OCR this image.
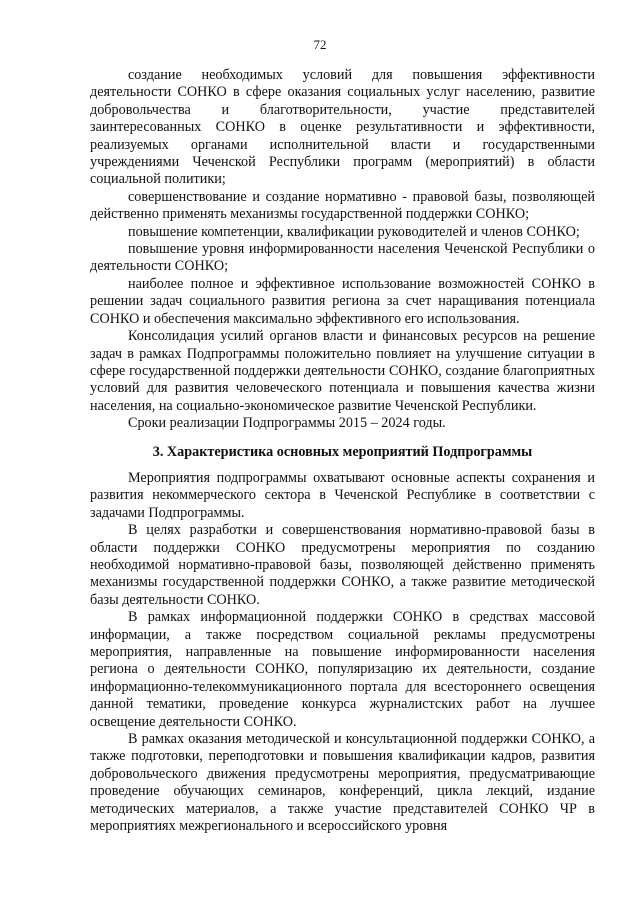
72

создание необходимых условий для повышения эффективности деятельности СОНКО в сфере оказания социальных услуг населению, развитие добровольчества и благотворительности, участие представителей заинтересованных СОНКО в оценке результативности и эффективности, реализуемых органами исполнительной власти и государственными учреждениями Чеченской Республики программ (мероприятий) в области социальной политики;

совершенствование и создание нормативно - правовой базы, позволяющей действенно применять механизмы государственной поддержки СОНКО;

повышение компетенции, квалификации руководителей и членов СОНКО;

повышение уровня информированности населения Чеченской Республики о деятельности СОНКО;

наиболее полное и эффективное использование возможностей СОНКО в решении задач социального развития региона за счет наращивания потенциала СОНКО и обеспечения максимально эффективного его использования.

Консолидация усилий органов власти и финансовых ресурсов на решение задач в рамках Подпрограммы положительно повлияет на улучшение ситуации в сфере государственной поддержки деятельности СОНКО, создание благоприятных условий для развития человеческого потенциала и повышения качества жизни населения, на социально-экономическое развитие Чеченской Республики.

Сроки реализации Подпрограммы 2015 – 2024 годы.

3. Характеристика основных мероприятий Подпрограммы

Мероприятия подпрограммы охватывают основные аспекты сохранения и развития некоммерческого сектора в Чеченской Республике в соответствии с задачами Подпрограммы.

В целях разработки и совершенствования нормативно-правовой базы в области поддержки СОНКО предусмотрены мероприятия по созданию необходимой нормативно-правовой базы, позволяющей действенно применять механизмы государственной поддержки СОНКО, а также развитие методической базы деятельности СОНКО.

В рамках информационной поддержки СОНКО в средствах массовой информации, а также посредством социальной рекламы предусмотрены мероприятия, направленные на повышение информированности населения региона о деятельности СОНКО, популяризацию их деятельности, создание информационно-телекоммуникационного портала для всестороннего освещения данной тематики, проведение конкурса журналистских работ на лучшее освещение деятельности СОНКО.

В рамках оказания методической и консультационной поддержки СОНКО, а также подготовки, переподготовки и повышения квалификации кадров, развития добровольческого движения предусмотрены мероприятия, предусматривающие проведение обучающих семинаров, конференций, цикла лекций, издание методических материалов, а также участие представителей СОНКО ЧР в мероприятиях межрегионального и всероссийского уровня
